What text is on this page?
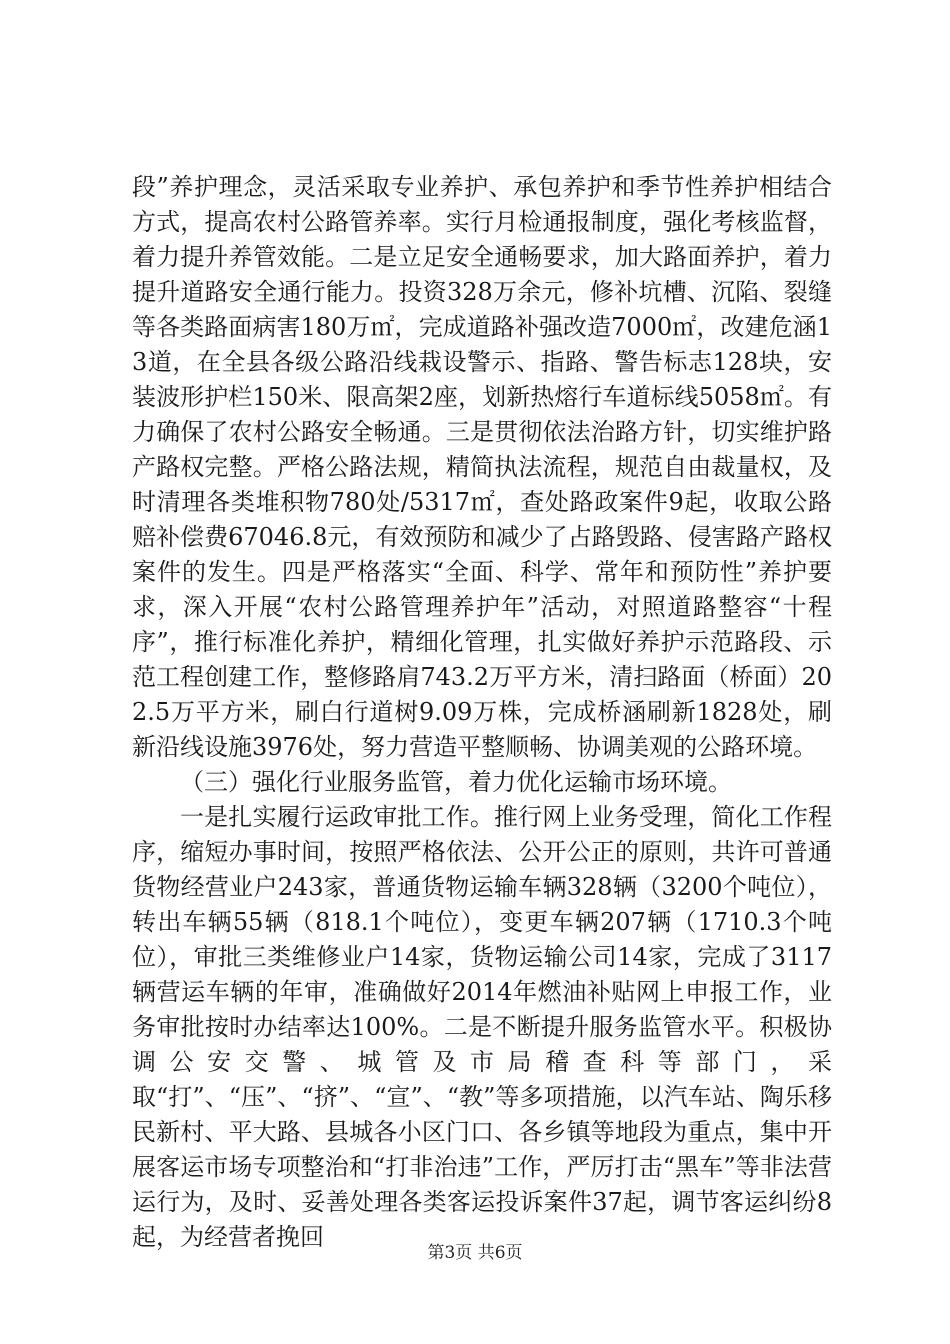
段”养护理念，灵活采取专业养护、承包养护和季节性养护相结合方式，提高农村公路管养率。实行月检通报制度，强化考核监督，着力提升养管效能。二是立足安全通畅要求，加大路面养护，着力提升道路安全通行能力。投资328万余元，修补坑槽、沉陷、裂缝等各类路面病害180万㎡，完成道路补强改造7000㎡，改建危涵13道，在全县各级公路沿线栽设警示、指路、警告标志128块，安装波形护栏150米、限高架2座，划新热熔行车道标线5058㎡。有力确保了农村公路安全畅通。三是贯彻依法治路方针，切实维护路产路权完整。严格公路法规，精简执法流程，规范自由裁量权，及时清理各类堆积物780处/5317㎡，查处路政案件9起，收取公路赔补偿费67046.8元，有效预防和减少了占路毁路、侵害路产路权案件的发生。四是严格落实“全面、科学、常年和预防性”养护要求，深入开展“农村公路管理养护年”活动，对照道路整容“十程序”，推行标准化养护，精细化管理，扎实做好养护示范路段、示范工程创建工作，整修路肩743.2万平方米，清扫路面（桥面）202.5万平方米，刷白行道树9.09万株，完成桥涵刷新1828处，刷新沿线设施3976处，努力营造平整顺畅、协调美观的公路环境。

（三）强化行业服务监管，着力优化运输市场环境。

一是扎实履行运政审批工作。推行网上业务受理，简化工作程序，缩短办事时间，按照严格依法、公开公正的原则，共许可普通货物经营业户243家，普通货物运输车辆328辆（3200个吨位），转出车辆55辆（818.1个吨位），变更车辆207辆（1710.3个吨位），审批三类维修业户14家，货物运输公司14家，完成了3117辆营运车辆的年审，准确做好2014年燃油补贴网上申报工作，业务审批按时办结率达100%。二是不断提升服务监管水平。积极协调公安交警、城管及市局稽查科等部门，采取“打”、“压”、“挤”、“宣”、“教”等多项措施，以汽车站、陶乐移民新村、平大路、县城各小区门口、各乡镇等地段为重点，集中开展客运市场专项整治和“打非治违”工作，严厉打击“黑车”等非法营运行为，及时、妥善处理各类客运投诉案件37起，调节客运纠纷8起，为经营者挽回

第3页 共6页
